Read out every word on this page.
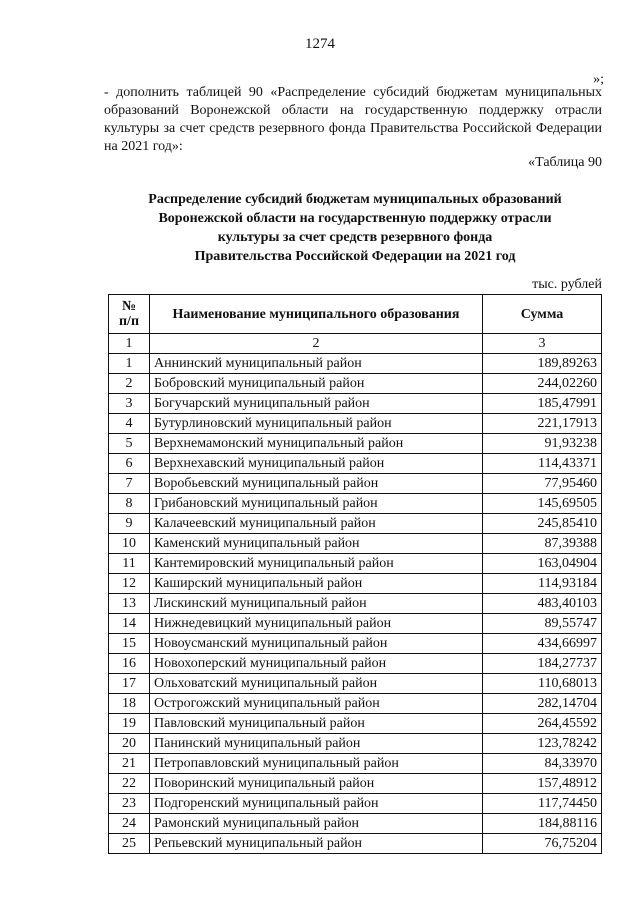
1274
»;

- дополнить таблицей 90 «Распределение субсидий бюджетам муниципальных образований Воронежской области на государственную поддержку отрасли культуры за счет средств резервного фонда Правительства Российской Федерации на 2021 год»:

«Таблица 90
Распределение субсидий бюджетам муниципальных образований
Воронежской области на государственную поддержку отрасли
культуры за счет средств резервного фонда
Правительства Российской Федерации на 2021 год
тыс. рублей
№
п/п	Наименование муниципального образования	Сумма
1	2	3
1	Аннинский муниципальный район	189,89263
2	Бобровский муниципальный район	244,02260
3	Богучарский муниципальный район	185,47991
4	Бутурлиновский муниципальный район	221,17913
5	Верхнемамонский муниципальный район	91,93238
6	Верхнехавский муниципальный район	114,43371
7	Воробьевский муниципальный район	77,95460
8	Грибановский муниципальный район	145,69505
9	Калачеевский муниципальный район	245,85410
10	Каменский муниципальный район	87,39388
11	Кантемировский муниципальный район	163,04904
12	Каширский муниципальный район	114,93184
13	Лискинский муниципальный район	483,40103
14	Нижнедевицкий муниципальный район	89,55747
15	Новоусманский муниципальный район	434,66997
16	Новохоперский муниципальный район	184,27737
17	Ольховатский муниципальный район	110,68013
18	Острогожский муниципальный район	282,14704
19	Павловский муниципальный район	264,45592
20	Панинский муниципальный район	123,78242
21	Петропавловский муниципальный район	84,33970
22	Поворинский муниципальный район	157,48912
23	Подгоренский муниципальный район	117,74450
24	Рамонский муниципальный район	184,88116
25	Репьевский муниципальный район	76,75204
